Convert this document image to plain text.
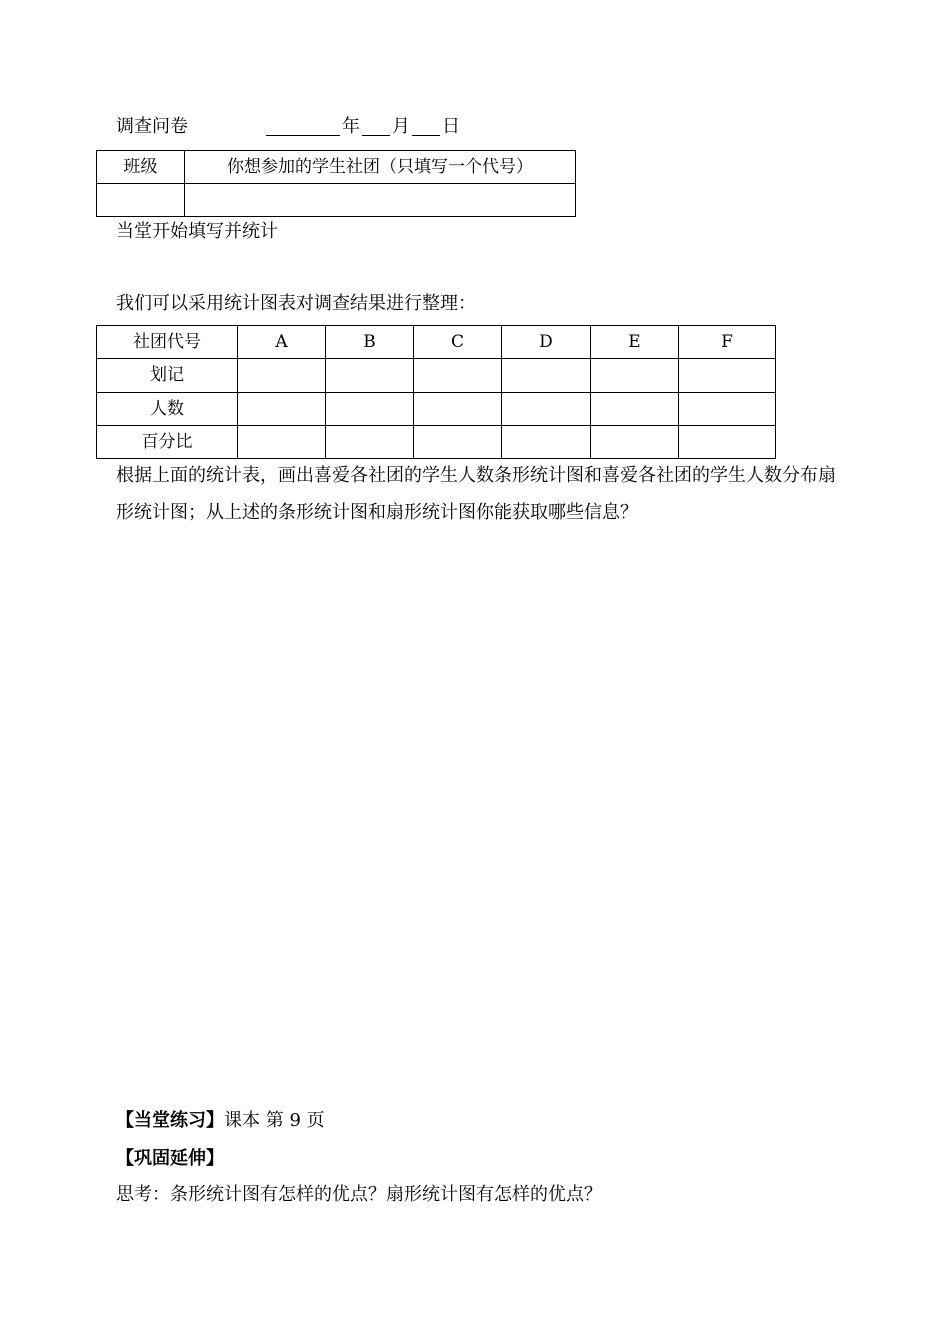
调查问卷	年 月 日
班级	你想参加的学生社团（只填写一个代号）

当堂开始填写并统计
我们可以采用统计图表对调查结果进行整理：
社团代号	A	B	C	D	E	F
划记						
人数						
百分比						
根据上面的统计表，画出喜爱各社团的学生人数条形统计图和喜爱各社团的学生人数分布扇形统计图；从上述的条形统计图和扇形统计图你能获取哪些信息？
【当堂练习】课本 第 9 页
【巩固延伸】
思考：条形统计图有怎样的优点？扇形统计图有怎样的优点？
